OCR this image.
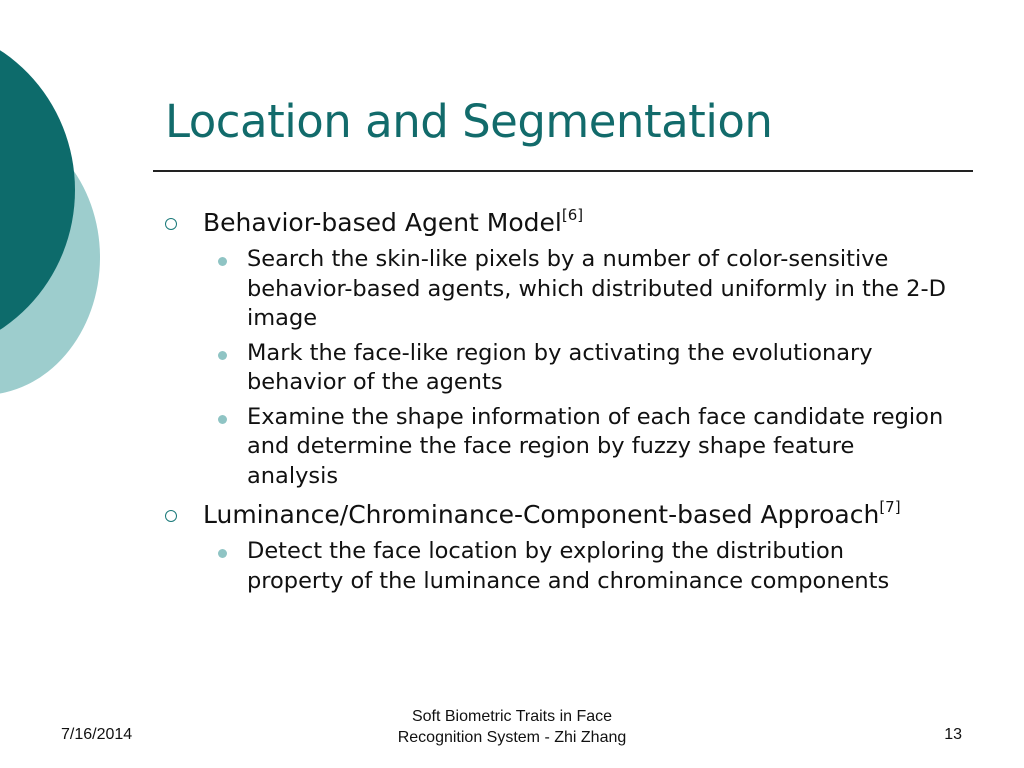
Location and Segmentation
Behavior-based Agent Model[6]
Search the skin-like pixels by a number of color-sensitive behavior-based agents, which distributed uniformly in the 2-D image
Mark the face-like region by activating the evolutionary behavior of the agents
Examine the shape information of each face candidate region and determine the face region by fuzzy shape feature analysis
Luminance/Chrominance-Component-based Approach[7]
Detect the face location by exploring the distribution property of the luminance and chrominance components
7/16/2014
Soft Biometric Traits in Face
Recognition System - Zhi Zhang	13
